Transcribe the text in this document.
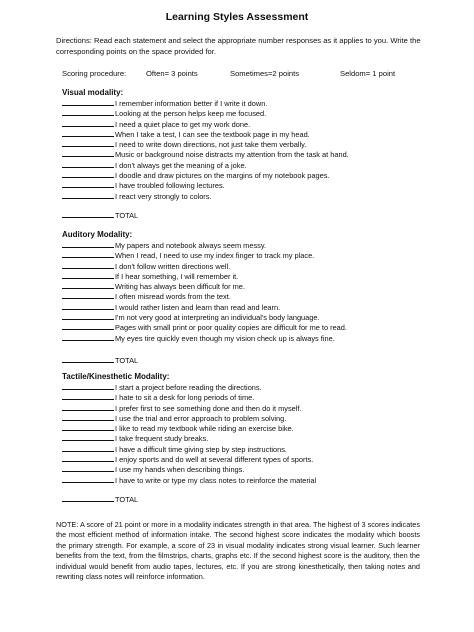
Learning Styles Assessment
Directions: Read each statement and select the appropriate number responses as it applies to you. Write the corresponding points on the space provided for.
Scoring procedure:	Often= 3 points	Sometimes=2 points	Seldom= 1 point
Visual modality:
I remember information better if I write it down.
Looking at the person helps keep me focused.
I need a quiet place to get my work done.
When I take a test, I can see the textbook page in my head.
I need to write down directions, not just take them verbally.
Music or background noise distracts my attention from the task at hand.
I don't always get the meaning of a joke.
I doodle and draw pictures on the margins of my notebook pages.
I have troubled following lectures.
I react very strongly to colors.
TOTAL
Auditory Modality:
My papers and notebook always seem messy.
When I read, I need to use my index finger to track my place.
I don't follow written directions well.
If I hear something, I will remember it.
Writing has always been difficult for me.
I often misread words from the text.
I would rather listen and learn than read and learn.
I'm not very good at interpreting an individual's body language.
Pages with small print or poor quality copies are difficult for me to read.
My eyes tire quickly even though my vision check up is always fine.
TOTAL
Tactile/Kinesthetic Modality:
I start a project before reading the directions.
I hate to sit a desk for long periods of time.
I prefer first to see something done and then do it myself.
I use the trial and error approach to problem solving.
I like to read my textbook while riding an exercise bike.
I take frequent study breaks.
I have a difficult time giving step by step instructions.
I enjoy sports and do well at several different types of sports.
I use my hands when describing things.
I have to write or type my class notes to reinforce the material
TOTAL
NOTE: A score of 21 point or more in a modality indicates strength in that area. The highest of 3 scores indicates the most efficient method of information intake. The second highest score indicates the modality which boosts the primary strength. For example, a score of 23 in visual modality indicates strong visual learner. Such learner benefits from the text, from the filmstrips, charts, graphs etc. If the second highest score is the auditory, then the individual would benefit from audio tapes, lectures, etc. If you are strong kinesthetically, then taking notes and rewriting class notes will reinforce information.
